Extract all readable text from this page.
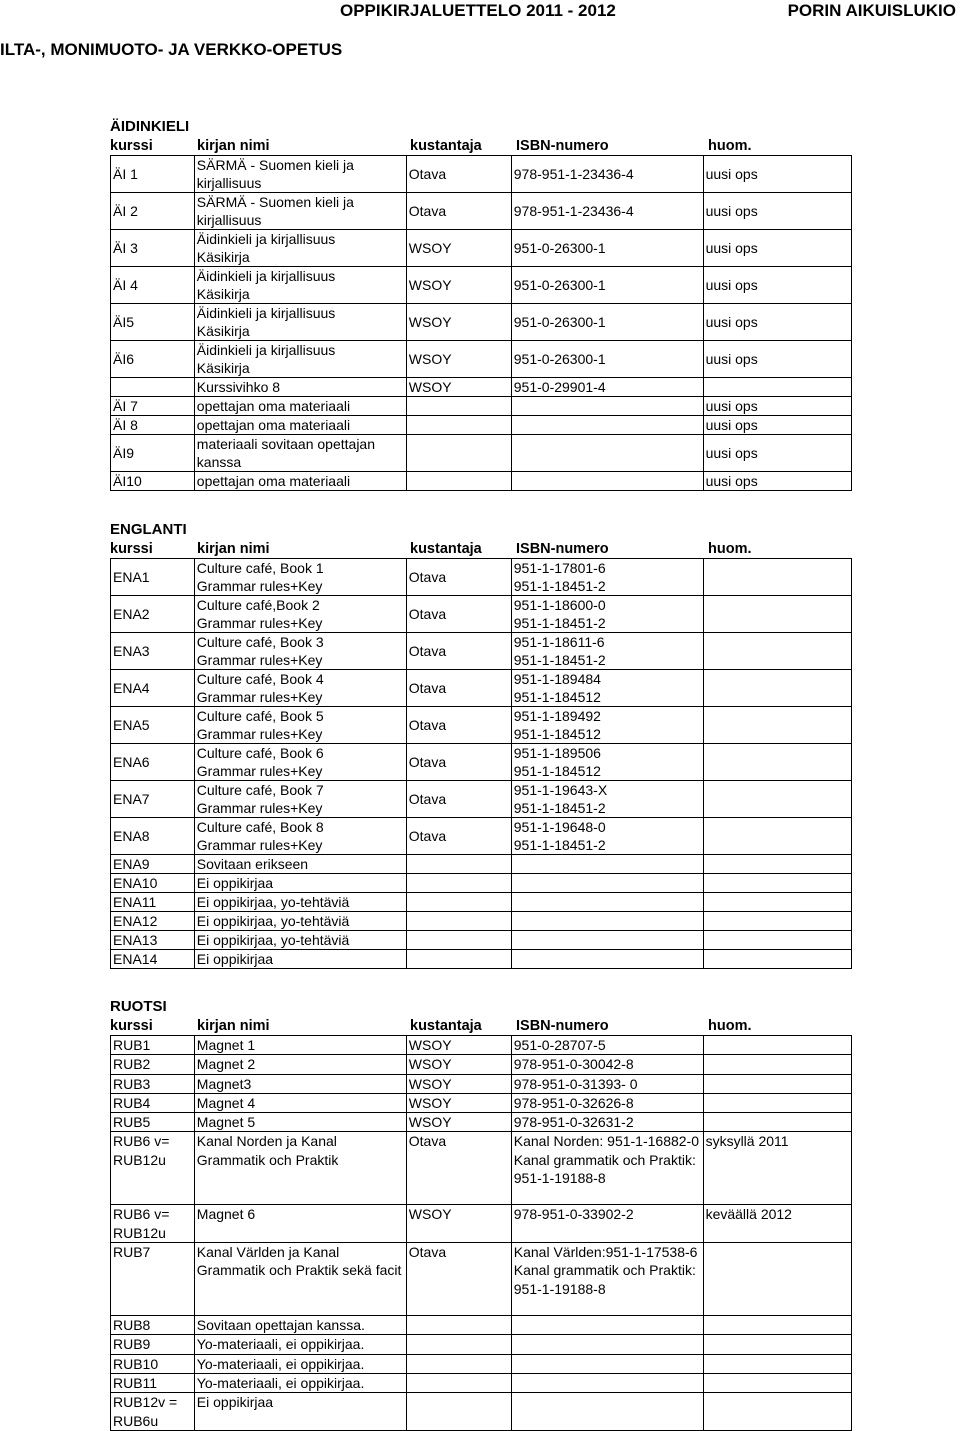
OPPIKIRJALUETTELO 2011 - 2012	PORIN AIKUISLUKIO
ILTA-, MONIMUOTO- JA VERKKO-OPETUS
ÄIDINKIELI
kurssi	kirjan nimi	kustantaja ISBN-numero	huom.
ÄI 1	SÄRMÄ - Suomen kieli ja
kirjallisuus	Otava	978-951-1-23436-4	uusi ops

ÄI 2	SÄRMÄ - Suomen kieli ja
kirjallisuus	Otava	978-951-1-23436-4	uusi ops

ÄI 3	Äidinkieli ja kirjallisuus
Käsikirja	WSOY	951-0-26300-1	uusi ops

ÄI 4	Äidinkieli ja kirjallisuus
Käsikirja	WSOY	951-0-26300-1	uusi ops

ÄI5	Äidinkieli ja kirjallisuus
Käsikirja	WSOY	951-0-26300-1	uusi ops

ÄI6	Äidinkieli ja kirjallisuus
Käsikirja	WSOY	951-0-26300-1	uusi ops

	Kurssivihko 8	WSOY	951-0-29901-4	

ÄI 7	opettajan oma materiaali			uusi ops

ÄI 8	opettajan oma materiaali			uusi ops

ÄI9	materiaali sovitaan opettajan
kanssa			uusi ops

ÄI10	opettajan oma materiaali			uusi ops
ENGLANTI
kurssi	kirjan nimi	kustantaja ISBN-numero	huom.
ENA1	Culture café, Book 1
Grammar rules+Key	Otava	951-1-17801-6
951-1-18451-2	

ENA2	Culture café,Book 2
Grammar rules+Key	Otava	951-1-18600-0
951-1-18451-2	

ENA3	Culture café, Book 3
Grammar rules+Key	Otava	951-1-18611-6
951-1-18451-2	

ENA4	Culture café, Book 4
Grammar rules+Key	Otava	951-1-189484
951-1-184512	

ENA5	Culture café, Book 5
Grammar rules+Key	Otava	951-1-189492
951-1-184512	

ENA6	Culture café, Book 6
Grammar rules+Key	Otava	951-1-189506
951-1-184512	

ENA7	Culture café, Book 7
Grammar rules+Key	Otava	951-1-19643-X
951-1-18451-2	

ENA8	Culture café, Book 8
Grammar rules+Key	Otava	951-1-19648-0
951-1-18451-2	

ENA9	Sovitaan erikseen			

ENA10	Ei oppikirjaa			

ENA11	Ei oppikirjaa, yo-tehtäviä			

ENA12	Ei oppikirjaa, yo-tehtäviä			

ENA13	Ei oppikirjaa, yo-tehtäviä			

ENA14	Ei oppikirjaa			

RUOTSI
kurssi	kirjan nimi	kustantaja ISBN-numero	huom.
RUB1	Magnet 1	WSOY	951-0-28707-5	

RUB2	Magnet 2	WSOY	978-951-0-30042-8	

RUB3	Magnet3	WSOY	978-951-0-31393- 0	

RUB4	Magnet 4	WSOY	978-951-0-32626-8	

RUB5	Magnet 5	WSOY	978-951-0-32631-2	

RUB6 v= RUB12u	Kanal Norden ja Kanal Grammatik och Praktik	Otava	Kanal Norden: 951-1-16882-0 Kanal grammatik och Praktik: 951-1-19188-8	syksyllä 2011

RUB6 v= RUB12u	Magnet 6	WSOY	978-951-0-33902-2	keväällä 2012

RUB7	Kanal Världen ja Kanal Grammatik och Praktik sekä facit	Otava	Kanal Världen:951-1-17538-6 Kanal grammatik och Praktik: 951-1-19188-8	

RUB8	Sovitaan opettajan kanssa.			

RUB9	Yo-materiaali, ei oppikirjaa.			

RUB10	Yo-materiaali, ei oppikirjaa.			

RUB11	Yo-materiaali, ei oppikirjaa.			

RUB12v = RUB6u	Ei oppikirjaa			
